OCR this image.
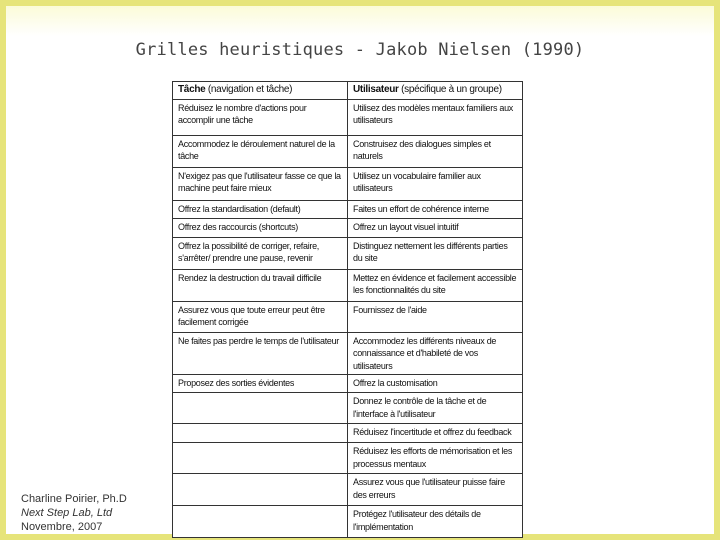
Grilles heuristiques - Jakob Nielsen (1990)
Tâche (navigation et tâche)	Utilisateur (spécifique à un groupe)
Réduisez le nombre d'actions pour accomplir une tâche	Utilisez des modèles mentaux familiers aux utilisateurs
Accommodez le déroulement naturel de la tâche	Construisez des dialogues simples et naturels
N'exigez pas que l'utilisateur fasse ce que la machine peut faire mieux	Utilisez un vocabulaire familier aux utilisateurs
Offrez la standardisation (default)	Faites un effort de cohérence interne
Offrez des raccourcis (shortcuts)	Offrez un layout visuel intuitif
Offrez la possibilité de corriger, refaire, s'arrêter/ prendre une pause, revenir	Distinguez nettement les différents parties du site
Rendez la destruction du travail difficile	Mettez en évidence et facilement accessible les fonctionnalités du site
Assurez vous que toute erreur peut être facilement corrigée	Fournissez de l'aide
Ne faites pas perdre le temps de l'utilisateur	Accommodez les différents niveaux de connaissance et d'habileté de vos utilisateurs
Proposez des sorties évidentes	Offrez la customisation
	Donnez le contrôle de la tâche et de l'interface à l'utilisateur
	Réduisez l'incertitude et offrez du feedback
	Réduisez les efforts de mémorisation et les processus mentaux
	Assurez vous que l'utilisateur puisse faire des erreurs
	Protégez l'utilisateur des détails de l'implémentation
Charline Poirier, Ph.D
Next Step Lab, Ltd
Novembre, 2007
